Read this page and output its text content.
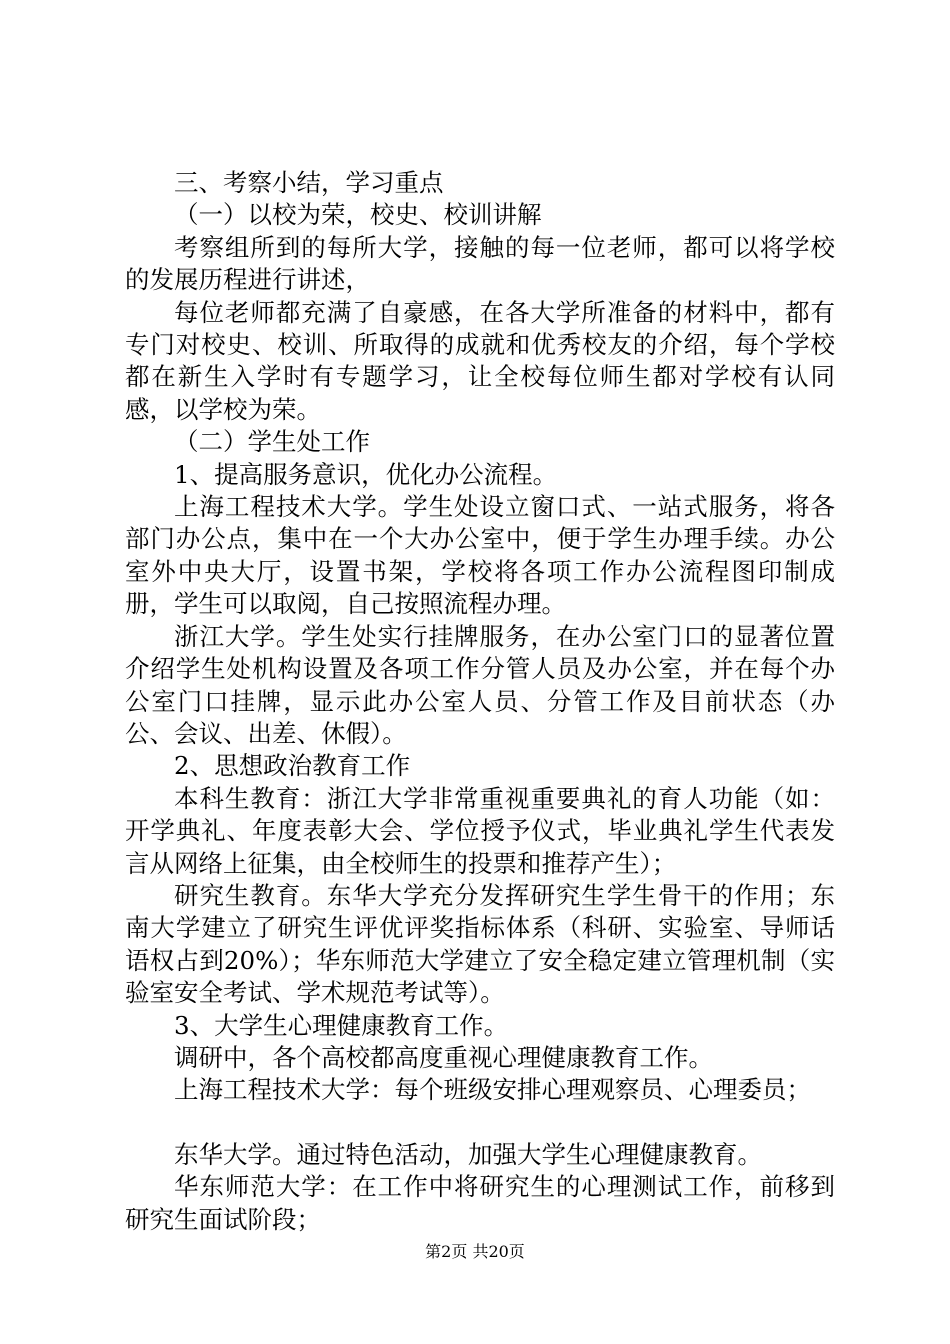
三、考察小结，学习重点

（一）以校为荣，校史、校训讲解

考察组所到的每所大学，接触的每一位老师，都可以将学校的发展历程进行讲述，

每位老师都充满了自豪感，在各大学所准备的材料中，都有专门对校史、校训、所取得的成就和优秀校友的介绍，每个学校都在新生入学时有专题学习，让全校每位师生都对学校有认同感，以学校为荣。

（二）学生处工作

1、提高服务意识，优化办公流程。

上海工程技术大学。学生处设立窗口式、一站式服务，将各部门办公点，集中在一个大办公室中，便于学生办理手续。办公室外中央大厅，设置书架，学校将各项工作办公流程图印制成册，学生可以取阅，自己按照流程办理。

浙江大学。学生处实行挂牌服务，在办公室门口的显著位置介绍学生处机构设置及各项工作分管人员及办公室，并在每个办公室门口挂牌，显示此办公室人员、分管工作及目前状态（办公、会议、出差、休假）。

2、思想政治教育工作

本科生教育：浙江大学非常重视重要典礼的育人功能（如：开学典礼、年度表彰大会、学位授予仪式，毕业典礼学生代表发言从网络上征集，由全校师生的投票和推荐产生）；

研究生教育。东华大学充分发挥研究生学生骨干的作用；东南大学建立了研究生评优评奖指标体系（科研、实验室、导师话语权占到20%）；华东师范大学建立了安全稳定建立管理机制（实验室安全考试、学术规范考试等）。

3、大学生心理健康教育工作。

调研中，各个高校都高度重视心理健康教育工作。

上海工程技术大学：每个班级安排心理观察员、心理委员；

东华大学。通过特色活动，加强大学生心理健康教育。

华东师范大学：在工作中将研究生的心理测试工作，前移到研究生面试阶段；

第2页 共20页
